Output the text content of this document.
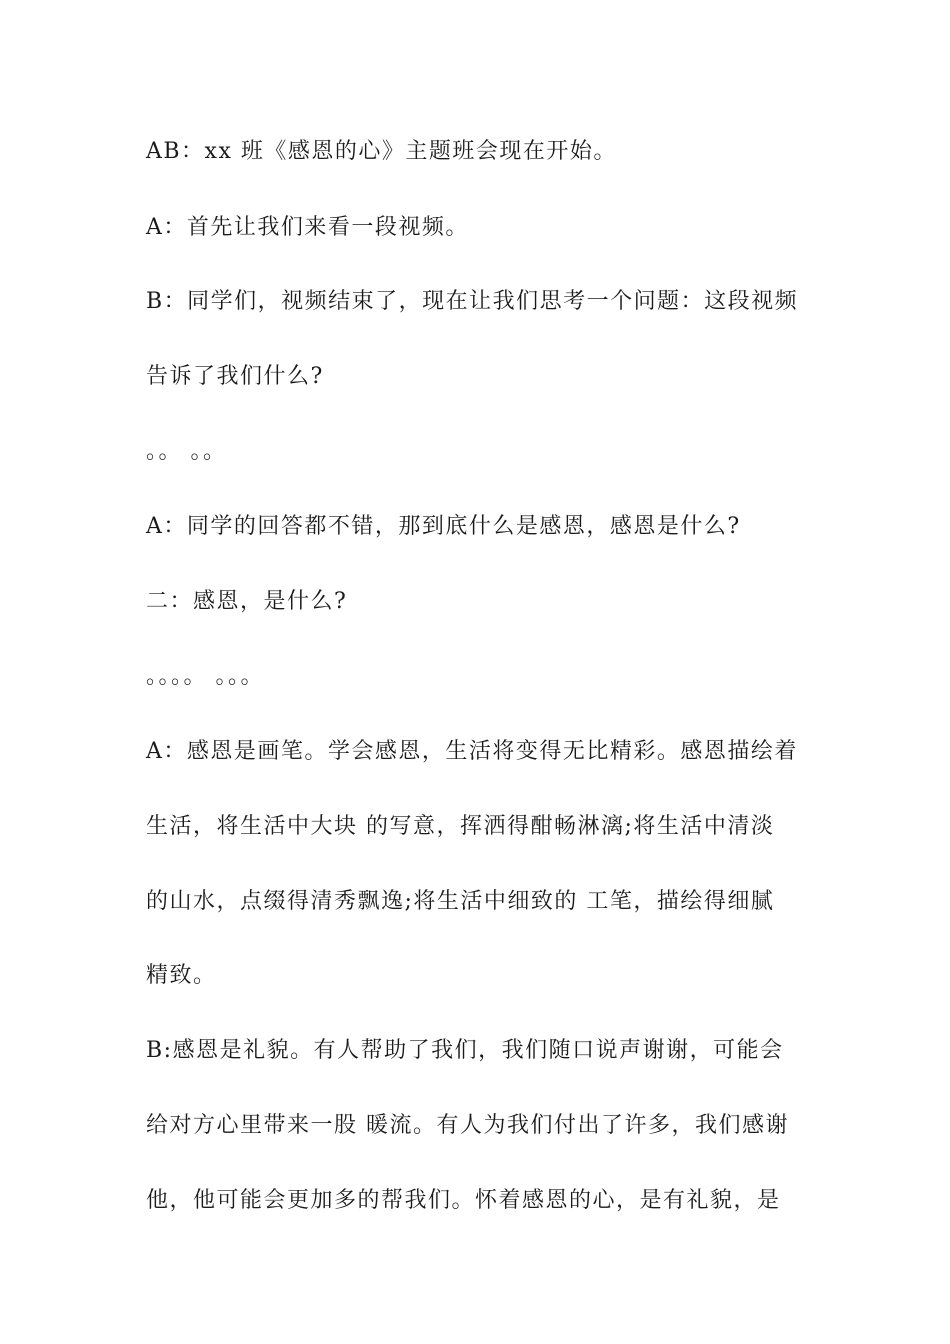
AB：xx 班《感恩的心》主题班会现在开始。

A：首先让我们来看一段视频。

B：同学们，视频结束了，现在让我们思考一个问题：这段视频

告诉了我们什么?

。。 。。

A：同学的回答都不错，那到底什么是感恩，感恩是什么?

二：感恩，是什么?

。。。。 。。。

A：感恩是画笔。学会感恩，生活将变得无比精彩。感恩描绘着

生活，将生活中大块 的写意，挥洒得酣畅淋漓;将生活中清淡

的山水，点缀得清秀飘逸;将生活中细致的 工笔，描绘得细腻

精致。

B:感恩是礼貌。有人帮助了我们，我们随口说声谢谢，可能会

给对方心里带来一股 暖流。有人为我们付出了许多，我们感谢

他，他可能会更加多的帮我们。怀着感恩的心，是有礼貌，是
